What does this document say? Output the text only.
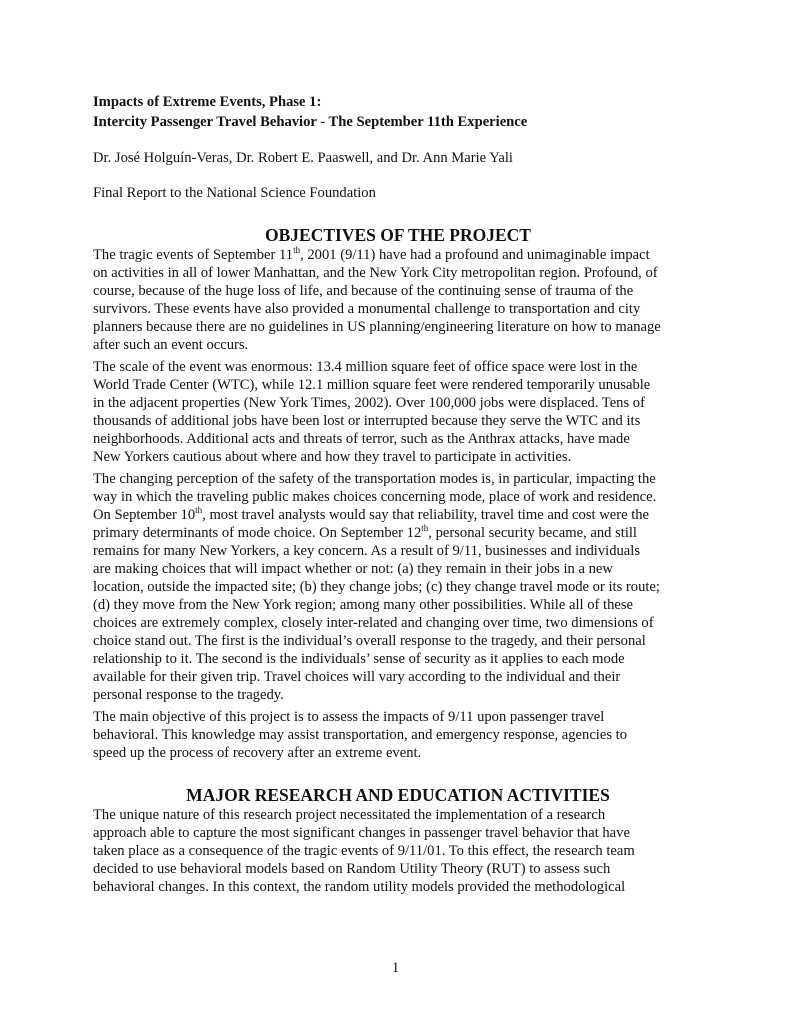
Impacts of Extreme Events, Phase 1:

Intercity Passenger Travel Behavior - The September 11th Experience

Dr. José Holguín-Veras, Dr. Robert E. Paaswell, and Dr. Ann Marie Yali

Final Report to the National Science Foundation

OBJECTIVES OF THE PROJECT

The tragic events of September 11th, 2001 (9/11) have had a profound and unimaginable impact
on activities in all of lower Manhattan, and the New York City metropolitan region. Profound, of
course, because of the huge loss of life, and because of the continuing sense of trauma of the
survivors. These events have also provided a monumental challenge to transportation and city
planners because there are no guidelines in US planning/engineering literature on how to manage
after such an event occurs.

The scale of the event was enormous: 13.4 million square feet of office space were lost in the
World Trade Center (WTC), while 12.1 million square feet were rendered temporarily unusable
in the adjacent properties (New York Times, 2002). Over 100,000 jobs were displaced. Tens of
thousands of additional jobs have been lost or interrupted because they serve the WTC and its
neighborhoods. Additional acts and threats of terror, such as the Anthrax attacks, have made
New Yorkers cautious about where and how they travel to participate in activities.

The changing perception of the safety of the transportation modes is, in particular, impacting the
way in which the traveling public makes choices concerning mode, place of work and residence.
On September 10th, most travel analysts would say that reliability, travel time and cost were the
primary determinants of mode choice. On September 12th, personal security became, and still
remains for many New Yorkers, a key concern. As a result of 9/11, businesses and individuals
are making choices that will impact whether or not: (a) they remain in their jobs in a new
location, outside the impacted site; (b) they change jobs; (c) they change travel mode or its route;
(d) they move from the New York region; among many other possibilities. While all of these
choices are extremely complex, closely inter-related and changing over time, two dimensions of
choice stand out. The first is the individual’s overall response to the tragedy, and their personal
relationship to it. The second is the individuals’ sense of security as it applies to each mode
available for their given trip. Travel choices will vary according to the individual and their
personal response to the tragedy.

The main objective of this project is to assess the impacts of 9/11 upon passenger travel
behavioral. This knowledge may assist transportation, and emergency response, agencies to
speed up the process of recovery after an extreme event.

MAJOR RESEARCH AND EDUCATION ACTIVITIES

The unique nature of this research project necessitated the implementation of a research
approach able to capture the most significant changes in passenger travel behavior that have
taken place as a consequence of the tragic events of 9/11/01. To this effect, the research team
decided to use behavioral models based on Random Utility Theory (RUT) to assess such
behavioral changes. In this context, the random utility models provided the methodological

1
